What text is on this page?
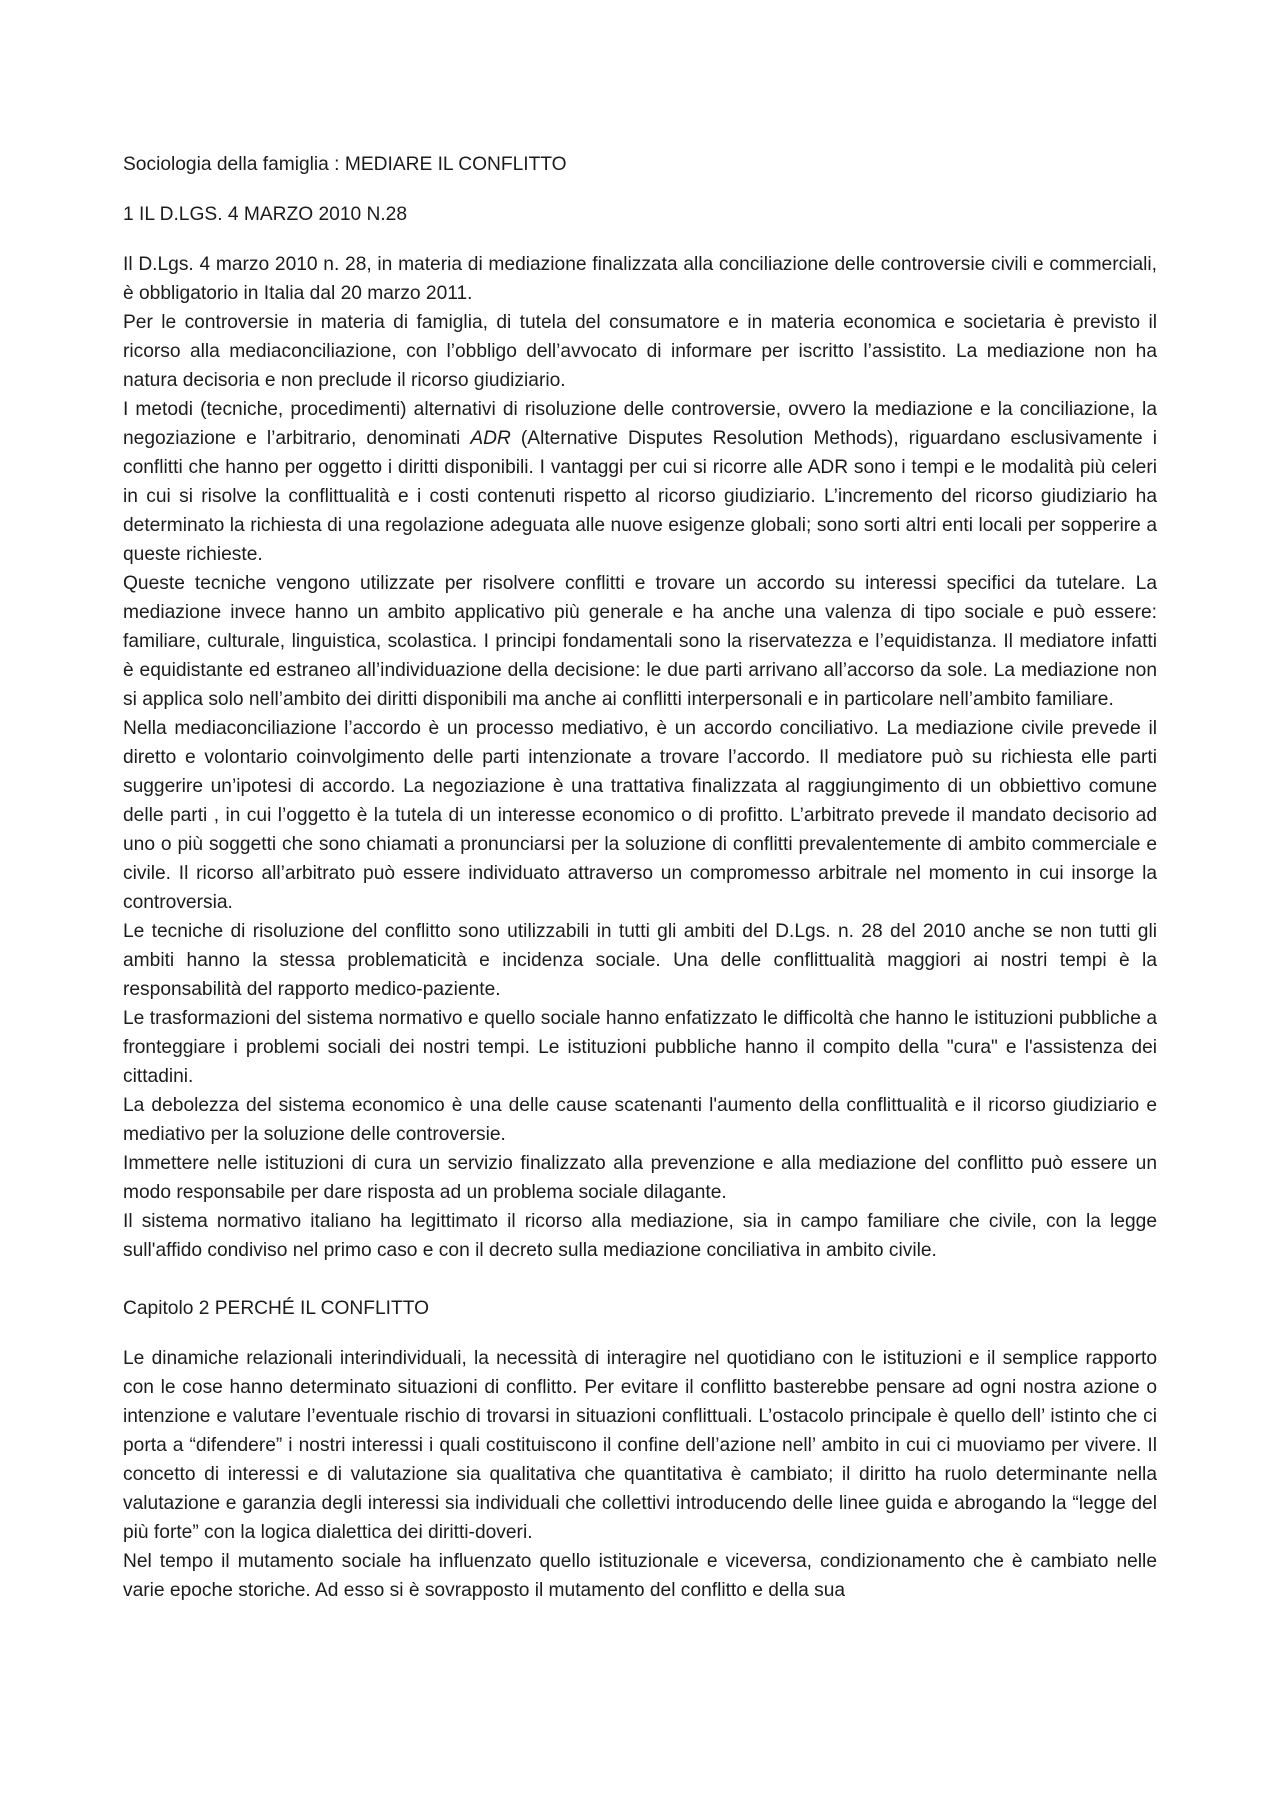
Sociologia della famiglia : MEDIARE IL CONFLITTO

1 IL D.LGS. 4 MARZO 2010 N.28

Il D.Lgs. 4 marzo 2010 n. 28, in materia di mediazione finalizzata alla conciliazione delle controversie civili e commerciali, è obbligatorio in Italia dal 20 marzo 2011.

Per le controversie in materia di famiglia, di tutela del consumatore e in materia economica e societaria è previsto il ricorso alla mediaconciliazione, con l’obbligo dell’avvocato di informare per iscritto l’assistito. La mediazione non ha natura decisoria e non preclude il ricorso giudiziario.

I metodi (tecniche, procedimenti) alternativi di risoluzione delle controversie, ovvero la mediazione e la conciliazione, la negoziazione e l’arbitrario, denominati ADR (Alternative Disputes Resolution Methods), riguardano esclusivamente i conflitti che hanno per oggetto i diritti disponibili. I vantaggi per cui si ricorre alle ADR sono i tempi e le modalità più celeri in cui si risolve la conflittualità e i costi contenuti rispetto al ricorso giudiziario. L’incremento del ricorso giudiziario ha determinato la richiesta di una regolazione adeguata alle nuove esigenze globali; sono sorti altri enti locali per sopperire a queste richieste.

Queste tecniche vengono utilizzate per risolvere conflitti e trovare un accordo su interessi specifici da tutelare. La mediazione invece hanno un ambito applicativo più generale e ha anche una valenza di tipo sociale e può essere: familiare, culturale, linguistica, scolastica. I principi fondamentali sono la riservatezza e l’equidistanza. Il mediatore infatti è equidistante ed estraneo all’individuazione della decisione: le due parti arrivano all’accorso da sole. La mediazione non si applica solo nell’ambito dei diritti disponibili ma anche ai conflitti interpersonali e in particolare nell’ambito familiare.

Nella mediaconciliazione l’accordo è un processo mediativo, è un accordo conciliativo. La mediazione civile prevede il diretto e volontario coinvolgimento delle parti intenzionate a trovare l’accordo. Il mediatore può su richiesta elle parti suggerire un’ipotesi di accordo. La negoziazione è una trattativa finalizzata al raggiungimento di un obbiettivo comune delle parti , in cui l’oggetto è la tutela di un interesse economico o di profitto. L’arbitrato prevede il mandato decisorio ad uno o più soggetti che sono chiamati a pronunciarsi per la soluzione di conflitti prevalentemente di ambito commerciale e civile. Il ricorso all’arbitrato può essere individuato attraverso un compromesso arbitrale nel momento in cui insorge la controversia.

Le tecniche di risoluzione del conflitto sono utilizzabili in tutti gli ambiti del D.Lgs. n. 28 del 2010 anche se non tutti gli ambiti hanno la stessa problematicità e incidenza sociale. Una delle conflittualità maggiori ai nostri tempi è la responsabilità del rapporto medico-paziente.

Le trasformazioni del sistema normativo e quello sociale hanno enfatizzato le difficoltà che hanno le istituzioni pubbliche a fronteggiare i problemi sociali dei nostri tempi. Le istituzioni pubbliche hanno il compito della "cura" e l'assistenza dei cittadini.

La debolezza del sistema economico è una delle cause scatenanti l'aumento della conflittualità e il ricorso giudiziario e mediativo per la soluzione delle controversie.

Immettere nelle istituzioni di cura un servizio finalizzato alla prevenzione e alla mediazione del conflitto può essere un modo responsabile per dare risposta ad un problema sociale dilagante.

Il sistema normativo italiano ha legittimato il ricorso alla mediazione, sia in campo familiare che civile, con la legge sull'affido condiviso nel primo caso e con il decreto sulla mediazione conciliativa in ambito civile.

Capitolo 2 PERCHÉ IL CONFLITTO

Le dinamiche relazionali interindividuali, la necessità di interagire nel quotidiano con le istituzioni e il semplice rapporto con le cose hanno determinato situazioni di conflitto. Per evitare il conflitto basterebbe pensare ad ogni nostra azione o intenzione e valutare l’eventuale rischio di trovarsi in situazioni conflittuali. L’ostacolo principale è quello dell’ istinto che ci porta a “difendere” i nostri interessi i quali costituiscono il confine dell’azione nell’ ambito in cui ci muoviamo per vivere. Il concetto di interessi e di valutazione sia qualitativa che quantitativa è cambiato; il diritto ha ruolo determinante nella valutazione e garanzia degli interessi sia individuali che collettivi introducendo delle linee guida e abrogando la “legge del più forte” con la logica dialettica dei diritti-doveri.

Nel tempo il mutamento sociale ha influenzato quello istituzionale e viceversa, condizionamento che è cambiato nelle varie epoche storiche. Ad esso si è sovrapposto il mutamento del conflitto e della sua
